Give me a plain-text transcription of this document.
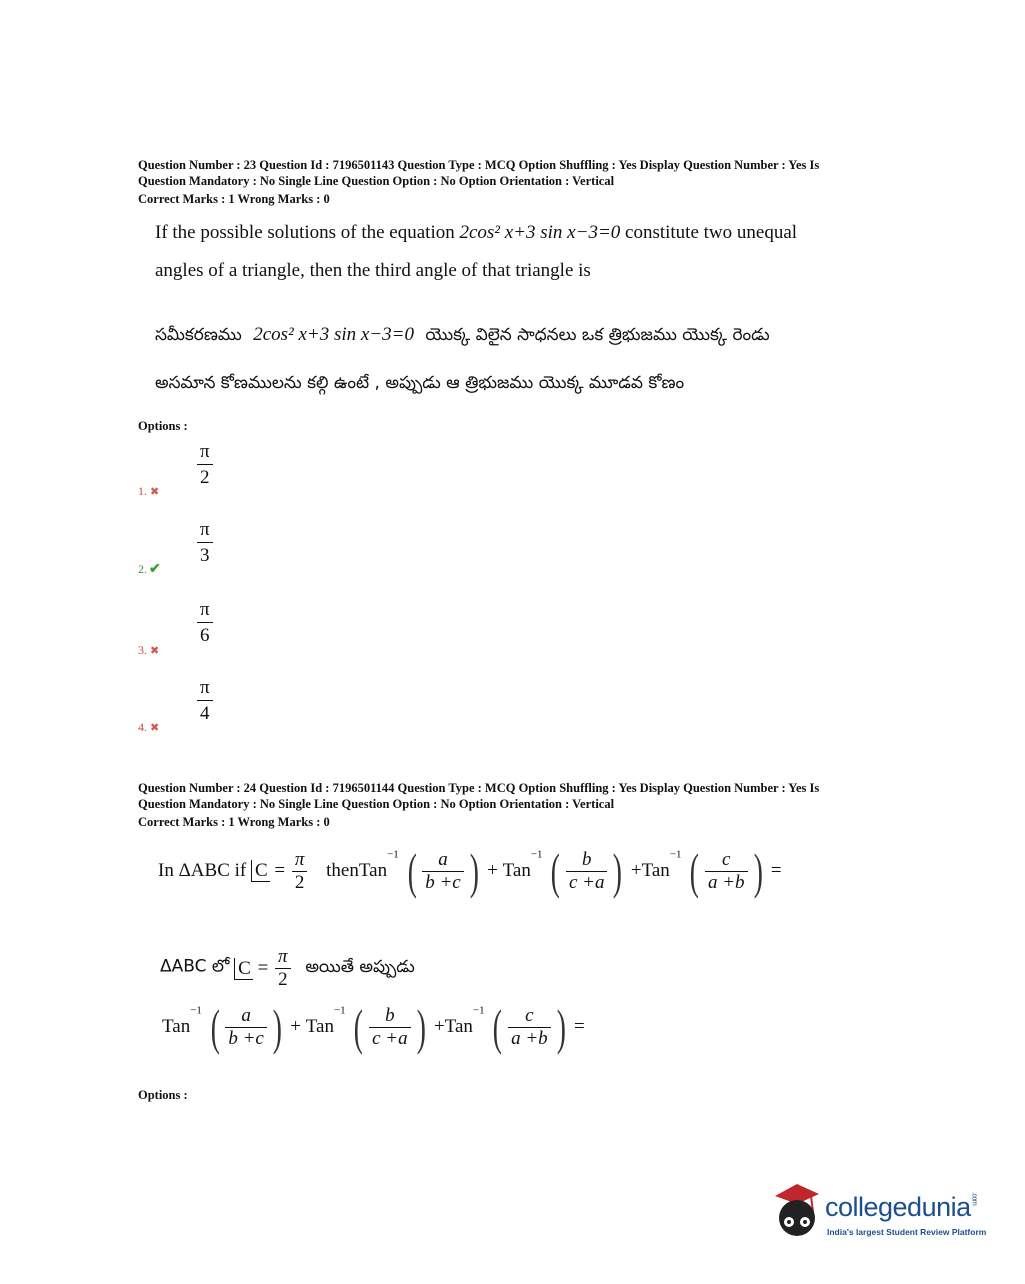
Question Number : 23 Question Id : 7196501143 Question Type : MCQ Option Shuffling : Yes Display Question Number : Yes Is
Question Mandatory : No Single Line Question Option : No Option Orientation : Vertical
Correct Marks : 1 Wrong Marks : 0
If the possible solutions of the equation 2cos² x+3 sin x−3=0 constitute two unequal
angles of a triangle, then the third angle of that triangle is
సమీకరణము 2cos² x+3 sin x−3=0 యొక్క విలైన సాధనలు ఒక త్రిభుజము యొక్క రెండు
అసమాన కోణములను కల్గి ఉంటే , అప్పుడు ఆ త్రిభుజము యొక్క మూడవ కోణం
Options :
$\frac{\pi}{2}$
1. ✖
$\frac{\pi}{3}$
2. ✔
$\frac{\pi}{6}$
3. ✖
$\frac{\pi}{4}$
4. ✖
Question Number : 24 Question Id : 7196501144 Question Type : MCQ Option Shuffling : Yes Display Question Number : Yes Is
Question Mandatory : No Single Line Question Option : No Option Orientation : Vertical
Correct Marks : 1 Wrong Marks : 0
In ΔABC if $C = \frac{\pi}{2}$ thenTan$^{-1}$ ( $\frac{a}{b +c}$ ) + Tan$^{-1}$ ( $\frac{b}{c +a}$ ) +Tan$^{-1}$ ( $\frac{c}{a +b}$ ) =
ΔABC లో $C = \frac{\pi}{2}$ అయితే అప్పుడు
Tan$^{-1}$ ( $\frac{a}{b +c}$ ) + Tan$^{-1}$ ( $\frac{b}{c +a}$ ) +Tan$^{-1}$ ( $\frac{c}{a +b}$ ) =
Options :
collegedunia.com
India's largest Student Review Platform
